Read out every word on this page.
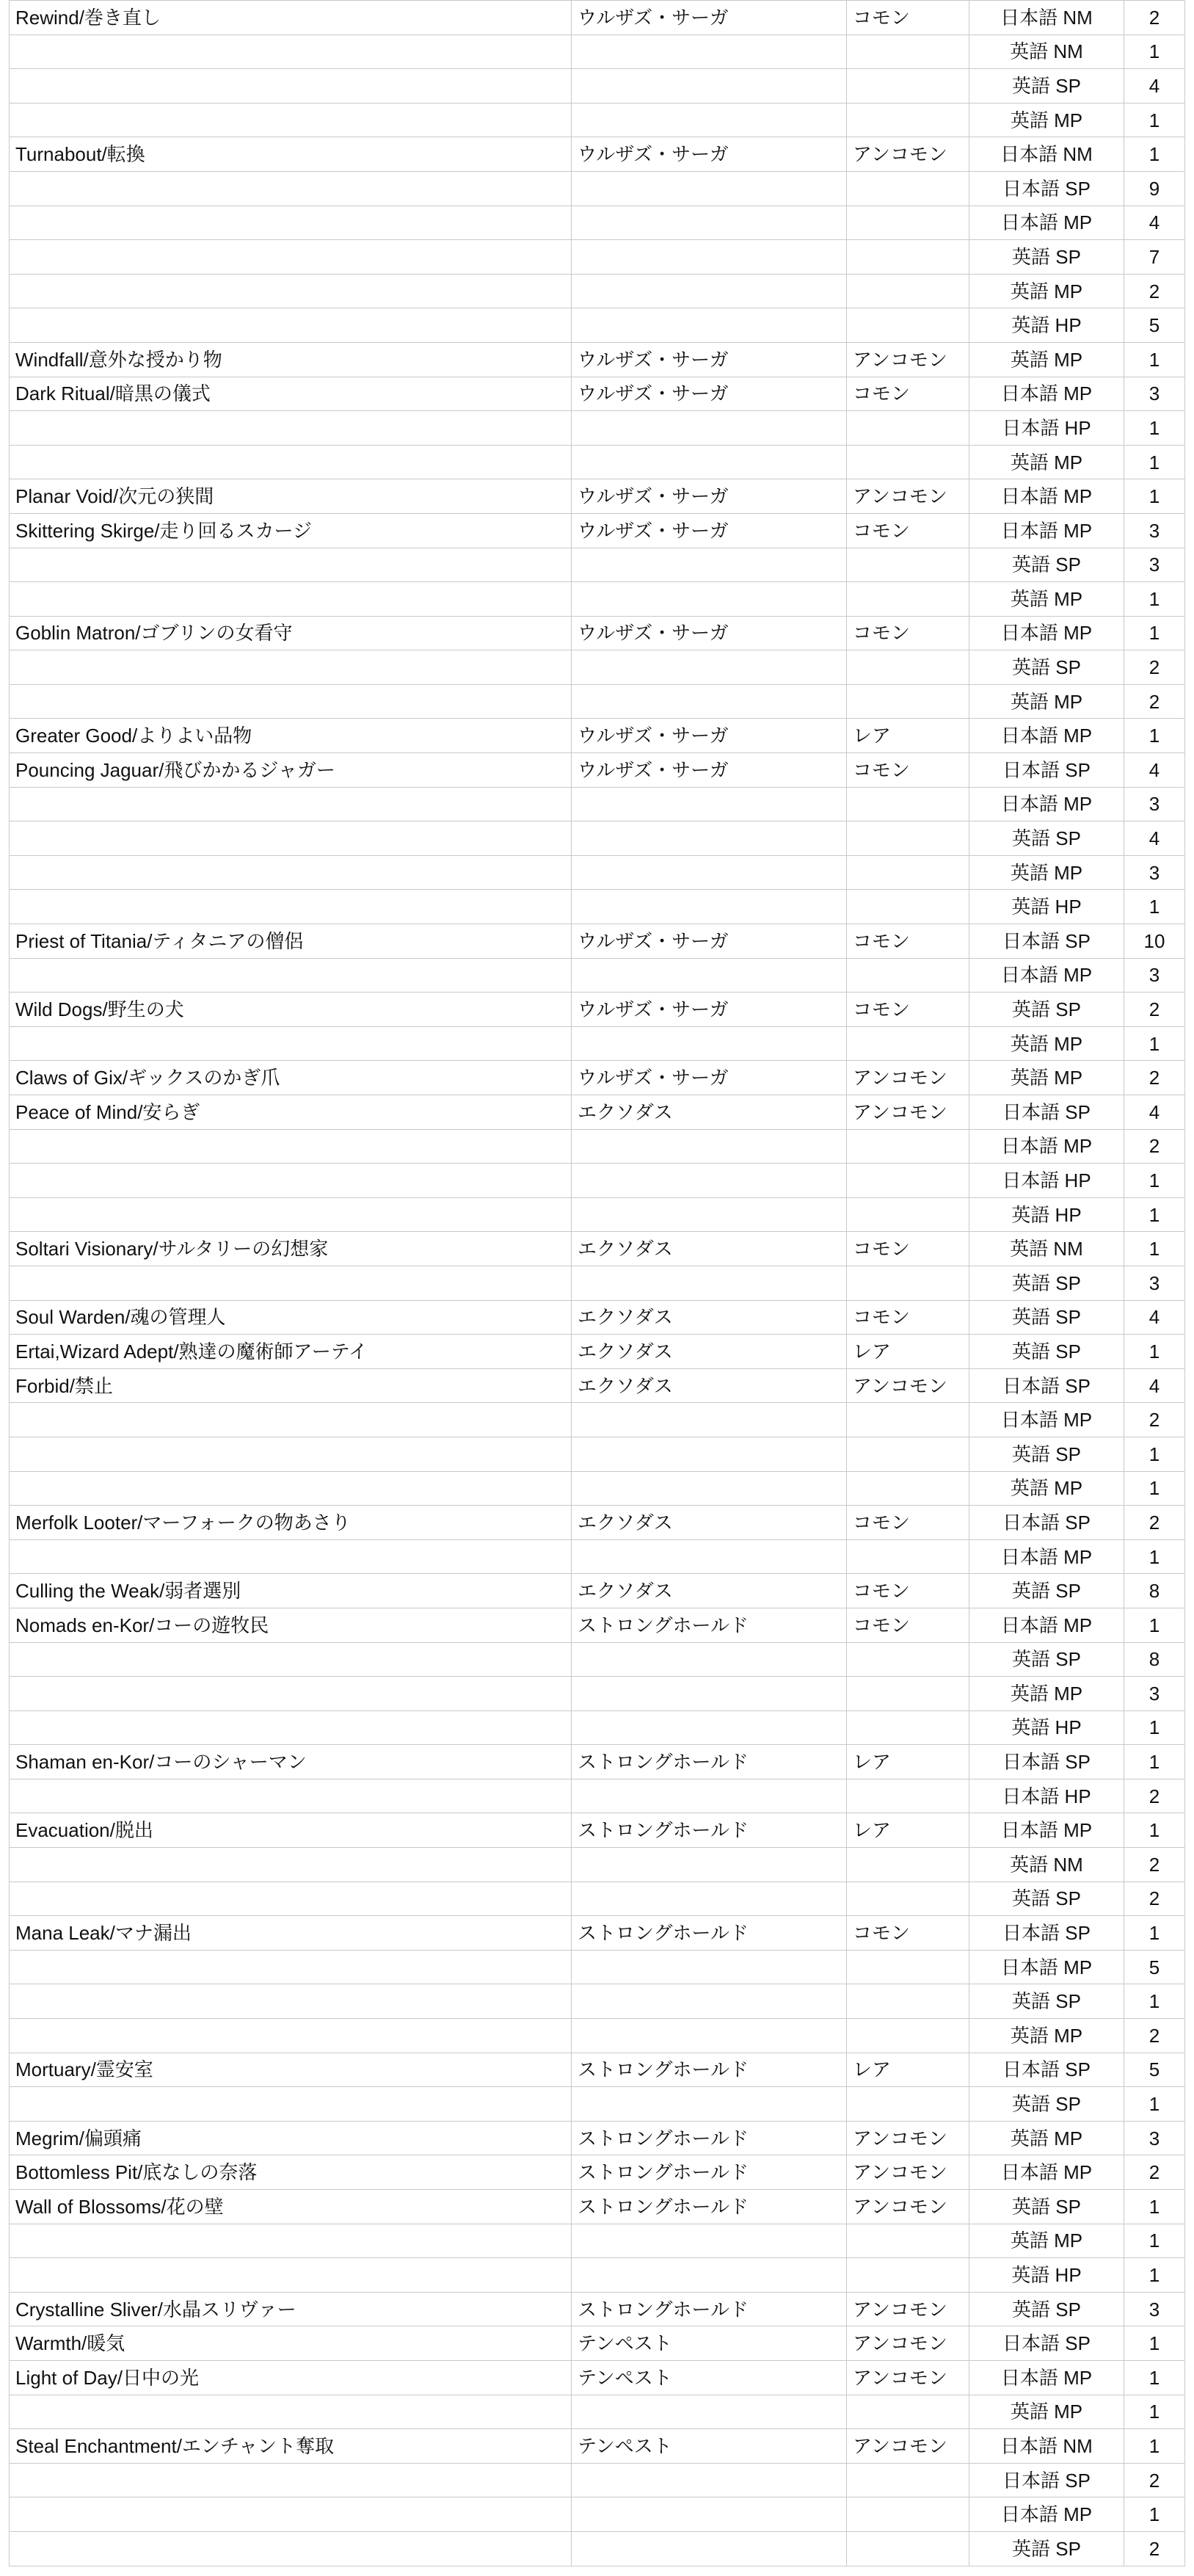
Rewind/巻き直し	ウルザズ・サーガ	コモン	日本語 NM	2
			英語 NM	1
			英語 SP	4
			英語 MP	1
Turnabout/転換	ウルザズ・サーガ	アンコモン	日本語 NM	1
			日本語 SP	9
			日本語 MP	4
			英語 SP	7
			英語 MP	2
			英語 HP	5
Windfall/意外な授かり物	ウルザズ・サーガ	アンコモン	英語 MP	1
Dark Ritual/暗黒の儀式	ウルザズ・サーガ	コモン	日本語 MP	3
			日本語 HP	1
			英語 MP	1
Planar Void/次元の狭間	ウルザズ・サーガ	アンコモン	日本語 MP	1
Skittering Skirge/走り回るスカージ	ウルザズ・サーガ	コモン	日本語 MP	3
			英語 SP	3
			英語 MP	1
Goblin Matron/ゴブリンの女看守	ウルザズ・サーガ	コモン	日本語 MP	1
			英語 SP	2
			英語 MP	2
Greater Good/よりよい品物	ウルザズ・サーガ	レア	日本語 MP	1
Pouncing Jaguar/飛びかかるジャガー	ウルザズ・サーガ	コモン	日本語 SP	4
			日本語 MP	3
			英語 SP	4
			英語 MP	3
			英語 HP	1
Priest of Titania/ティタニアの僧侶	ウルザズ・サーガ	コモン	日本語 SP	10
			日本語 MP	3
Wild Dogs/野生の犬	ウルザズ・サーガ	コモン	英語 SP	2
			英語 MP	1
Claws of Gix/ギックスのかぎ爪	ウルザズ・サーガ	アンコモン	英語 MP	2
Peace of Mind/安らぎ	エクソダス	アンコモン	日本語 SP	4
			日本語 MP	2
			日本語 HP	1
			英語 HP	1
Soltari Visionary/サルタリーの幻想家	エクソダス	コモン	英語 NM	1
			英語 SP	3
Soul Warden/魂の管理人	エクソダス	コモン	英語 SP	4
Ertai,Wizard Adept/熟達の魔術師アーテイ	エクソダス	レア	英語 SP	1
Forbid/禁止	エクソダス	アンコモン	日本語 SP	4
			日本語 MP	2
			英語 SP	1
			英語 MP	1
Merfolk Looter/マーフォークの物あさり	エクソダス	コモン	日本語 SP	2
			日本語 MP	1
Culling the Weak/弱者選別	エクソダス	コモン	英語 SP	8
Nomads en-Kor/コーの遊牧民	ストロングホールド	コモン	日本語 MP	1
			英語 SP	8
			英語 MP	3
			英語 HP	1
Shaman en-Kor/コーのシャーマン	ストロングホールド	レア	日本語 SP	1
			日本語 HP	2
Evacuation/脱出	ストロングホールド	レア	日本語 MP	1
			英語 NM	2
			英語 SP	2
Mana Leak/マナ漏出	ストロングホールド	コモン	日本語 SP	1
			日本語 MP	5
			英語 SP	1
			英語 MP	2
Mortuary/霊安室	ストロングホールド	レア	日本語 SP	5
			英語 SP	1
Megrim/偏頭痛	ストロングホールド	アンコモン	英語 MP	3
Bottomless Pit/底なしの奈落	ストロングホールド	アンコモン	日本語 MP	2
Wall of Blossoms/花の壁	ストロングホールド	アンコモン	英語 SP	1
			英語 MP	1
			英語 HP	1
Crystalline Sliver/水晶スリヴァー	ストロングホールド	アンコモン	英語 SP	3
Warmth/暖気	テンペスト	アンコモン	日本語 SP	1
Light of Day/日中の光	テンペスト	アンコモン	日本語 MP	1
			英語 MP	1
Steal Enchantment/エンチャント奪取	テンペスト	アンコモン	日本語 NM	1
			日本語 SP	2
			日本語 MP	1
			英語 SP	2
